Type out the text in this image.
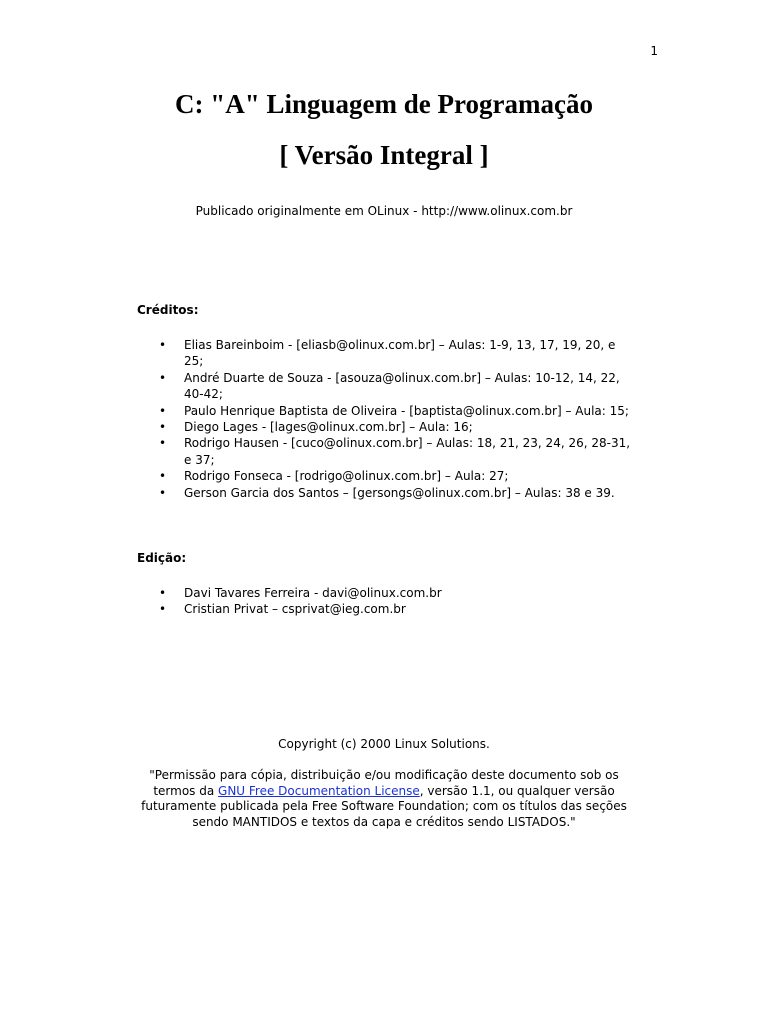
1
C: "A" Linguagem de Programação
[ Versão Integral ]
Publicado originalmente em OLinux - http://www.olinux.com.br
Créditos:
• Elias Bareinboim - [eliasb@olinux.com.br] – Aulas: 1-9, 13, 17, 19, 20, e 25;
• André Duarte de Souza - [asouza@olinux.com.br] – Aulas: 10-12, 14, 22, 40-42;
• Paulo Henrique Baptista de Oliveira - [baptista@olinux.com.br] – Aula: 15;
• Diego Lages - [lages@olinux.com.br] – Aula: 16;
• Rodrigo Hausen - [cuco@olinux.com.br] – Aulas: 18, 21, 23, 24, 26, 28-31, e 37;
• Rodrigo Fonseca - [rodrigo@olinux.com.br] – Aula: 27;
• Gerson Garcia dos Santos – [gersongs@olinux.com.br] – Aulas: 38 e 39.
Edição:
• Davi Tavares Ferreira - davi@olinux.com.br
• Cristian Privat – csprivat@ieg.com.br
Copyright (c) 2000 Linux Solutions.

"Permissão para cópia, distribuição e/ou modificação deste documento sob os termos da GNU Free Documentation License, versão 1.1, ou qualquer versão futuramente publicada pela Free Software Foundation; com os títulos das seções sendo MANTIDOS e textos da capa e créditos sendo LISTADOS."
